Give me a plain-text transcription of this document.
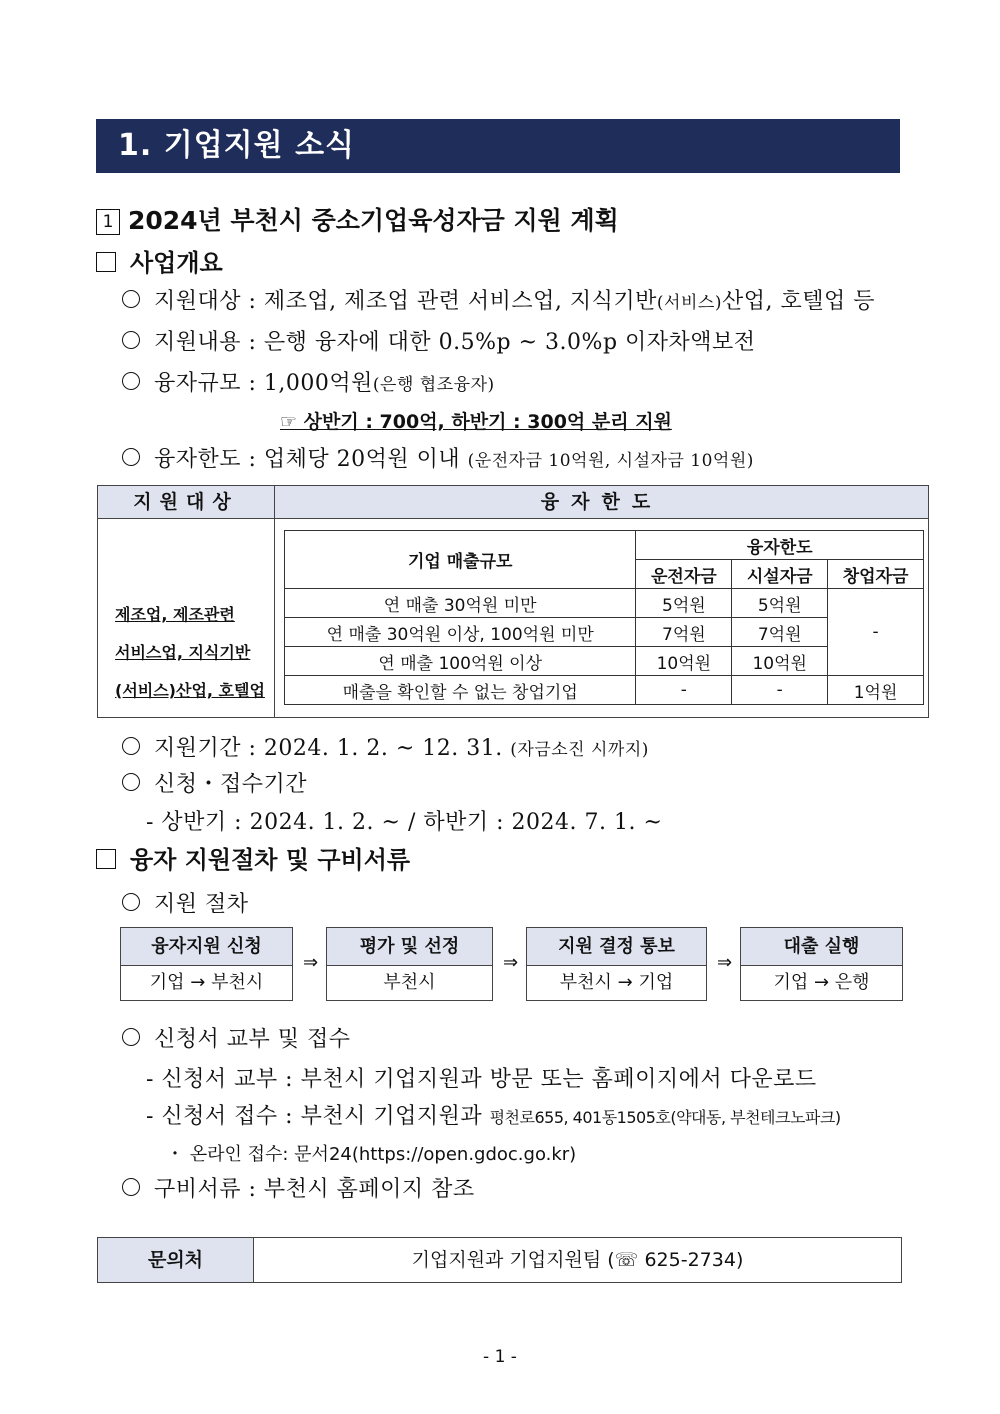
1. 기업지원 소식
1 2024년 부천시 중소기업육성자금 지원 계획
사업개요
지원대상 : 제조업, 제조업 관련 서비스업, 지식기반(서비스)산업, 호텔업 등
지원내용 : 은행 융자에 대한 0.5%p ~ 3.0%p 이자차액보전
융자규모 : 1,000억원(은행 협조융자)
☞ 상반기 : 700억, 하반기 : 300억 분리 지원
융자한도 : 업체당 20억원 이내 (운전자금 10억원, 시설자금 10억원)
지원대상	융자한도
제조업, 제조관련
서비스업, 지식기반
(서비스)산업, 호텔업
기업 매출규모	융자한도		
	운전자금	시설자금	창업자금
연 매출 30억원 미만	5억원	5억원	-
연 매출 30억원 이상, 100억원 미만	7억원	7억원	
연 매출 100억원 이상	10억원	10억원	
매출을 확인할 수 없는 창업기업	-	-	1억원
지원기간 : 2024. 1. 2. ~ 12. 31. (자금소진 시까지)
신청・접수기간
- 상반기 : 2024. 1. 2. ~ / 하반기 : 2024. 7. 1. ~
융자 지원절차 및 구비서류
지원 절차
융자지원 신청
기업 → 부천시
⇒
평가 및 선정
부천시
⇒
지원 결정 통보
부천시 → 기업
⇒
대출 실행
기업 → 은행
신청서 교부 및 접수
- 신청서 교부 : 부천시 기업지원과 방문 또는 홈페이지에서 다운로드
- 신청서 접수 : 부천시 기업지원과 평천로655, 401동1505호(약대동, 부천테크노파크)
・ 온라인 접수: 문서24(https://open.gdoc.go.kr)
구비서류 : 부천시 홈페이지 참조
문의처	기업지원과 기업지원팀 (☏ 625-2734)
- 1 -
